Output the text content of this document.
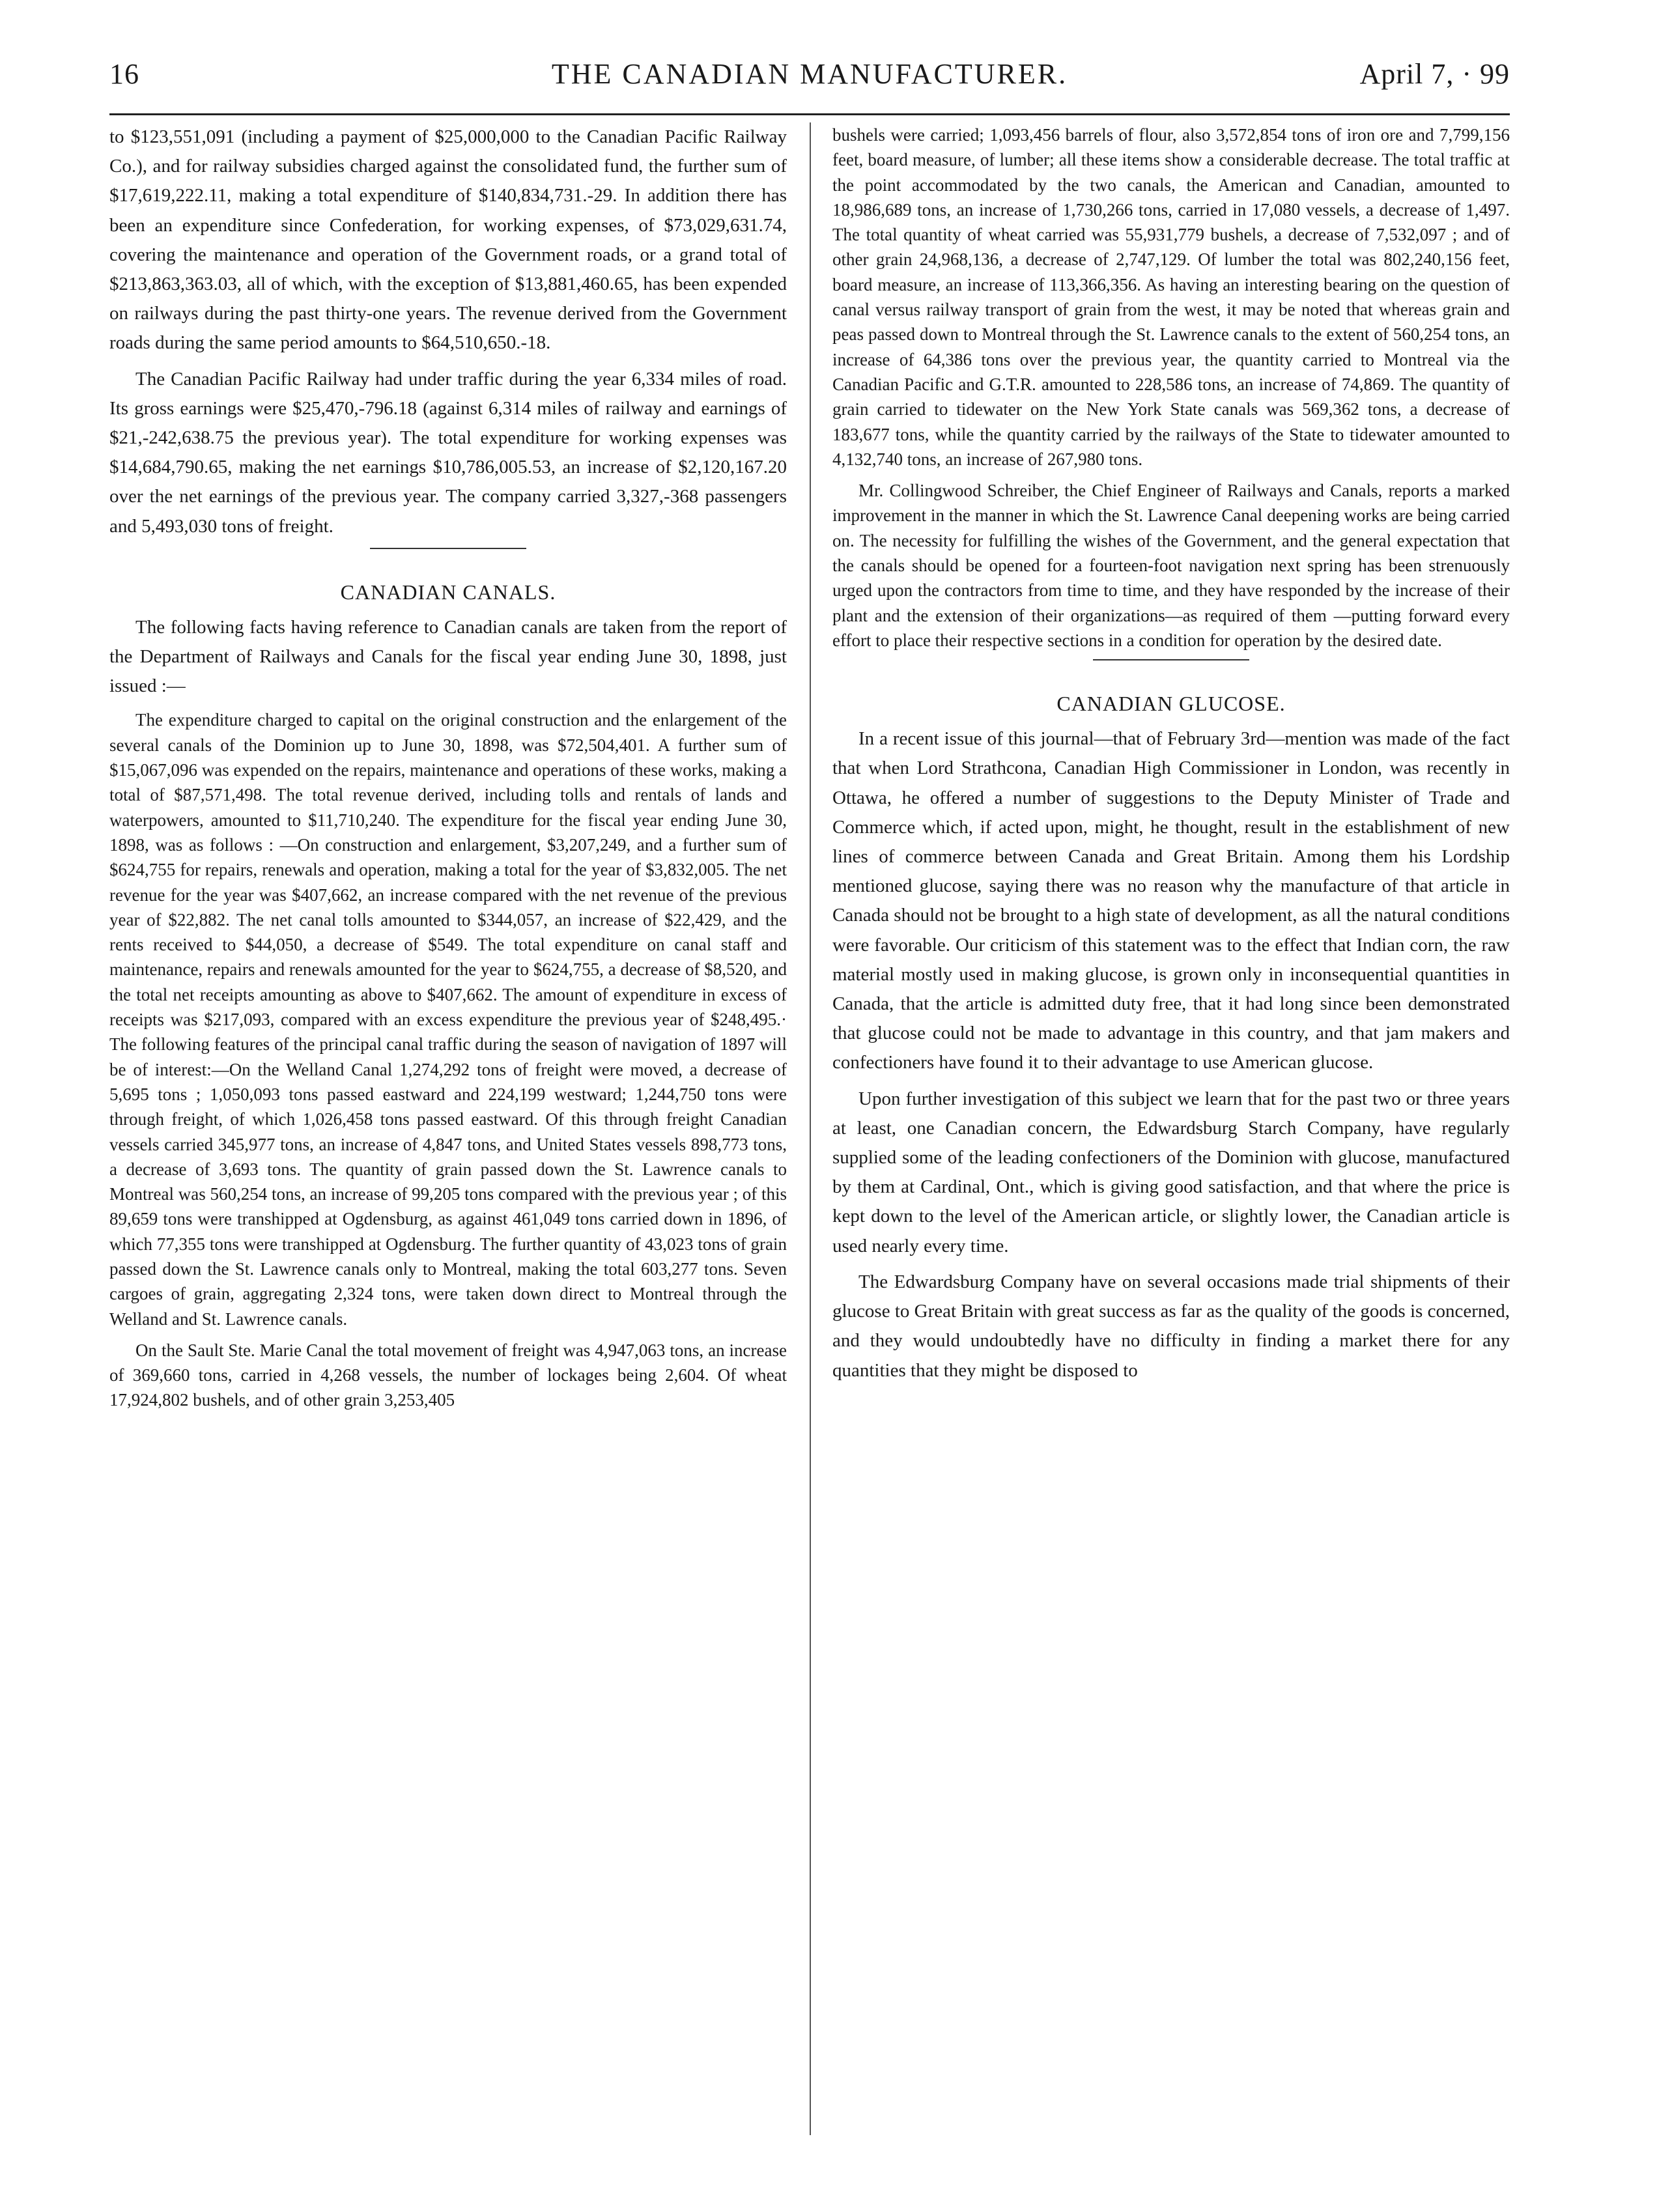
16	THE CANADIAN MANUFACTURER.	April 7, · 99

to $123,551,091 (including a payment of $25,000,000 to the Canadian Pacific Railway Co.), and for railway subsidies charged against the consolidated fund, the further sum of $17,619,222.11, making a total expenditure of $140,834,731.-29. In addition there has been an expenditure since Confederation, for working expenses, of $73,029,631.74, covering the maintenance and operation of the Government roads, or a grand total of $213,863,363.03, all of which, with the exception of $13,881,460.65, has been expended on railways during the past thirty-one years. The revenue derived from the Government roads during the same period amounts to $64,510,650.-18.

The Canadian Pacific Railway had under traffic during the year 6,334 miles of road. Its gross earnings were $25,470,-796.18 (against 6,314 miles of railway and earnings of $21,-242,638.75 the previous year). The total expenditure for working expenses was $14,684,790.65, making the net earnings $10,786,005.53, an increase of $2,120,167.20 over the net earnings of the previous year. The company carried 3,327,-368 passengers and 5,493,030 tons of freight.

CANADIAN CANALS.

The following facts having reference to Canadian canals are taken from the report of the Department of Railways and Canals for the fiscal year ending June 30, 1898, just issued :—

The expenditure charged to capital on the original construction and the enlargement of the several canals of the Dominion up to June 30, 1898, was $72,504,401. A further sum of $15,067,096 was expended on the repairs, maintenance and operations of these works, making a total of $87,571,498. The total revenue derived, including tolls and rentals of lands and waterpowers, amounted to $11,710,240. The expenditure for the fiscal year ending June 30, 1898, was as follows : —On construction and enlargement, $3,207,249, and a further sum of $624,755 for repairs, renewals and operation, making a total for the year of $3,832,005. The net revenue for the year was $407,662, an increase compared with the net revenue of the previous year of $22,882. The net canal tolls amounted to $344,057, an increase of $22,429, and the rents received to $44,050, a decrease of $549. The total expenditure on canal staff and maintenance, repairs and renewals amounted for the year to $624,755, a decrease of $8,520, and the total net receipts amounting as above to $407,662. The amount of expenditure in excess of receipts was $217,093, compared with an excess expenditure the previous year of $248,495.· The following features of the principal canal traffic during the season of navigation of 1897 will be of interest:—On the Welland Canal 1,274,292 tons of freight were moved, a decrease of 5,695 tons ; 1,050,093 tons passed eastward and 224,199 westward; 1,244,750 tons were through freight, of which 1,026,458 tons passed eastward. Of this through freight Canadian vessels carried 345,977 tons, an increase of 4,847 tons, and United States vessels 898,773 tons, a decrease of 3,693 tons. The quantity of grain passed down the St. Lawrence canals to Montreal was 560,254 tons, an increase of 99,205 tons compared with the previous year ; of this 89,659 tons were transhipped at Ogdensburg, as against 461,049 tons carried down in 1896, of which 77,355 tons were transhipped at Ogdensburg. The further quantity of 43,023 tons of grain passed down the St. Lawrence canals only to Montreal, making the total 603,277 tons. Seven cargoes of grain, aggregating 2,324 tons, were taken down direct to Montreal through the Welland and St. Lawrence canals.

On the Sault Ste. Marie Canal the total movement of freight was 4,947,063 tons, an increase of 369,660 tons, carried in 4,268 vessels, the number of lockages being 2,604. Of wheat 17,924,802 bushels, and of other grain 3,253,405

bushels were carried; 1,093,456 barrels of flour, also 3,572,854 tons of iron ore and 7,799,156 feet, board measure, of lumber; all these items show a considerable decrease. The total traffic at the point accommodated by the two canals, the American and Canadian, amounted to 18,986,689 tons, an increase of 1,730,266 tons, carried in 17,080 vessels, a decrease of 1,497. The total quantity of wheat carried was 55,931,779 bushels, a decrease of 7,532,097 ; and of other grain 24,968,136, a decrease of 2,747,129. Of lumber the total was 802,240,156 feet, board measure, an increase of 113,366,356. As having an interesting bearing on the question of canal versus railway transport of grain from the west, it may be noted that whereas grain and peas passed down to Montreal through the St. Lawrence canals to the extent of 560,254 tons, an increase of 64,386 tons over the previous year, the quantity carried to Montreal via the Canadian Pacific and G.T.R. amounted to 228,586 tons, an increase of 74,869. The quantity of grain carried to tidewater on the New York State canals was 569,362 tons, a decrease of 183,677 tons, while the quantity carried by the railways of the State to tidewater amounted to 4,132,740 tons, an increase of 267,980 tons.

Mr. Collingwood Schreiber, the Chief Engineer of Railways and Canals, reports a marked improvement in the manner in which the St. Lawrence Canal deepening works are being carried on. The necessity for fulfilling the wishes of the Government, and the general expectation that the canals should be opened for a fourteen-foot navigation next spring has been strenuously urged upon the contractors from time to time, and they have responded by the increase of their plant and the extension of their organizations—as required of them —putting forward every effort to place their respective sections in a condition for operation by the desired date.

CANADIAN GLUCOSE.

In a recent issue of this journal—that of February 3rd—mention was made of the fact that when Lord Strathcona, Canadian High Commissioner in London, was recently in Ottawa, he offered a number of suggestions to the Deputy Minister of Trade and Commerce which, if acted upon, might, he thought, result in the establishment of new lines of commerce between Canada and Great Britain. Among them his Lordship mentioned glucose, saying there was no reason why the manufacture of that article in Canada should not be brought to a high state of development, as all the natural conditions were favorable. Our criticism of this statement was to the effect that Indian corn, the raw material mostly used in making glucose, is grown only in inconsequential quantities in Canada, that the article is admitted duty free, that it had long since been demonstrated that glucose could not be made to advantage in this country, and that jam makers and confectioners have found it to their advantage to use American glucose.

Upon further investigation of this subject we learn that for the past two or three years at least, one Canadian concern, the Edwardsburg Starch Company, have regularly supplied some of the leading confectioners of the Dominion with glucose, manufactured by them at Cardinal, Ont., which is giving good satisfaction, and that where the price is kept down to the level of the American article, or slightly lower, the Canadian article is used nearly every time.

The Edwardsburg Company have on several occasions made trial shipments of their glucose to Great Britain with great success as far as the quality of the goods is concerned, and they would undoubtedly have no difficulty in finding a market there for any quantities that they might be disposed to
